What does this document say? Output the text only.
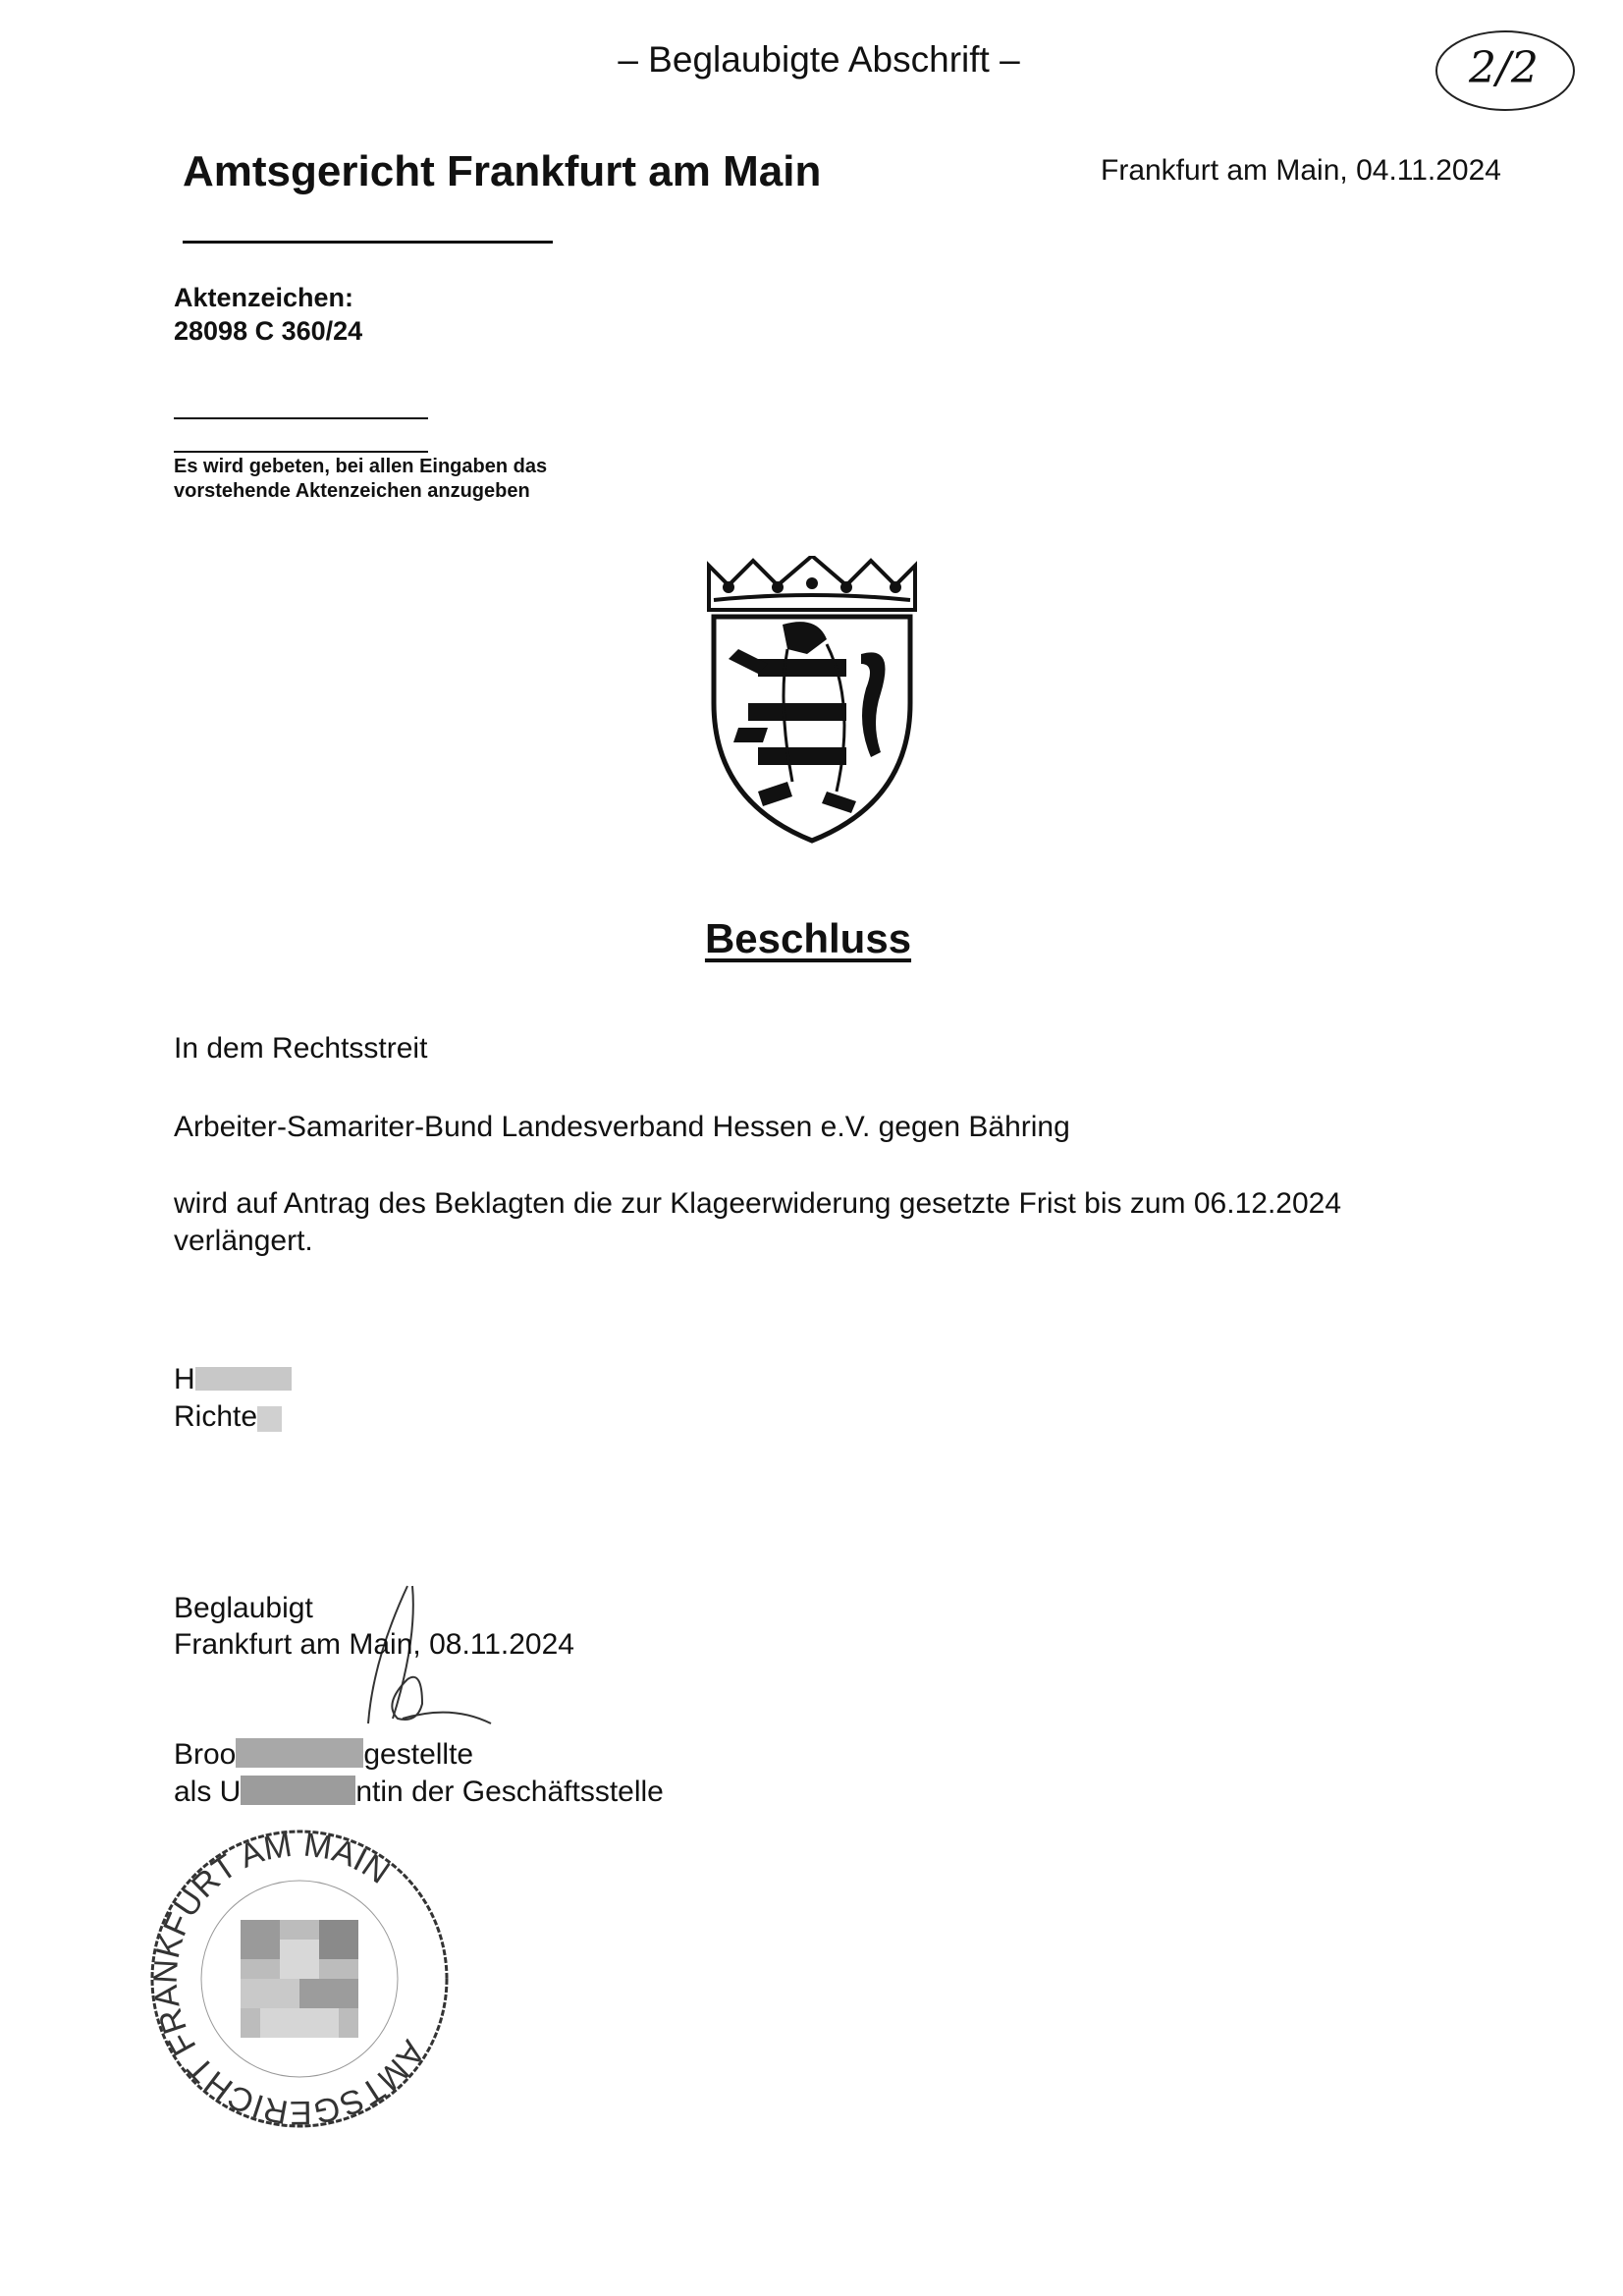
– Beglaubigte Abschrift –	2/2
Amtsgericht Frankfurt am Main	Frankfurt am Main, 04.11.2024
Aktenzeichen:
28098 C 360/24
Es wird gebeten, bei allen Eingaben das
vorstehende Aktenzeichen anzugeben
Beschluss
In dem Rechtsstreit
Arbeiter-Samariter-Bund Landesverband Hessen e.V. gegen Bähring
wird auf Antrag des Beklagten die zur Klageerwiderung gesetzte Frist bis zum 06.12.2024
verlängert.
H
Richte
Beglaubigt
Frankfurt am Main, 08.11.2024
Broo	gestellte
als U	ntin der Geschäftsstelle
AMTSGERICHT FRANKFURT AM MAIN
